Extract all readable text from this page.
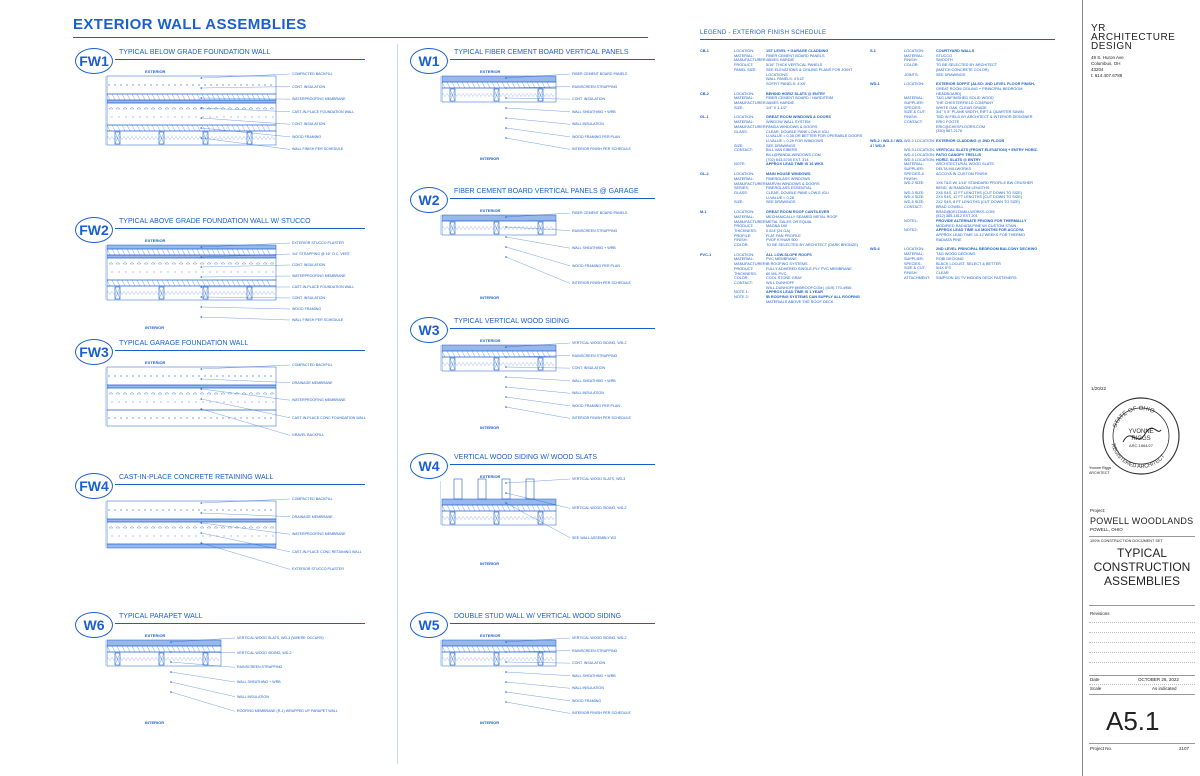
EXTERIOR WALL ASSEMBLIES
FW1
TYPICAL BELOW GRADE FOUNDATION WALL
EXTERIOR	COMPACTED BACKFILL
CONT. INSULATION
WATERPROOFING MEMBRANE
CAST-IN-PLACE FOUNDATION WALL
CONT. INSULATION
WOOD FRAMING
WALL FINISH PER SCHEDULE
FW2
TYPICAL ABOVE GRADE FOUNDATION WALL W/ STUCCO
EXTERIOR
INTERIOR
EXTERIOR STUCCO PLASTER
1/4" STRAPPING @ 16" O.C. VERT.
CONT. INSULATION
WATERPROOFING MEMBRANE
CAST-IN-PLACE FOUNDATION WALL
CONT. INSULATION
WOOD FRAMING
WALL FINISH PER SCHEDULE
FW3
TYPICAL GARAGE FOUNDATION WALL
EXTERIOR	COMPACTED BACKFILL
DRAINAGE MEMBRANE
WATERPROOFING MEMBRANE
CAST-IN-PLACE CONC FOUNDATION WALL
GRAVEL BACKFILL
FW4
CAST-IN-PLACE CONCRETE RETAINING WALL
COMPACTED BACKFILL
DRAINAGE MEMBRANE
WATERPROOFING MEMBRANE
CAST-IN-PLACE CONC RETAINING WALL
EXTERIOR STUCCO PLASTER
W6
TYPICAL PARAPET WALL
EXTERIOR
INTERIOR
VERTICAL WOOD SLATS, WD-3 (WHERE OCCURS)
VERTICAL WOOD SIDING, WD-2
RAINSCREEN STRAPPING
WALL SHEATHING + WRB
WALL INSULATION
ROOFING MEMBRANE (R-1) WRAPPED UP PARAPET WALL
W1
TYPICAL FIBER CEMENT BOARD VERTICAL PANELS
EXTERIOR
INTERIOR
FIBER CEMENT BOARD PANELS
RAINSCREEN STRAPPING
CONT. INSULATION
WALL SHEATHING + WRB
WALL INSULATION
WOOD FRAMING PER PLAN
INTERIOR FINISH PER SCHEDULE
W2
FIBER CEMENT BOARD VERTICAL PANELS @ GARAGE
EXTERIOR
INTERIOR
FIBER CEMENT BOARD PANELS
RAINSCREEN STRAPPING
WALL SHEATHING + WRB
WOOD FRAMING PER PLAN
INTERIOR FINISH PER SCHEDULE
W3
TYPICAL VERTICAL WOOD SIDING
EXTERIOR
INTERIOR
VERTICAL WOOD SIDING, WD-2
RAINSCREEN STRAPPING
CONT. INSULATION
WALL SHEATHING + WRB
WALL INSULATION
WOOD FRAMING PER PLAN
INTERIOR FINISH PER SCHEDULE
W4
VERTICAL WOOD SIDING W/ WOOD SLATS
EXTERIOR
INTERIOR
VERTICAL WOOD SLATS, WD-3
VERTICAL WOOD SIDING, WD-2
SEE WALL ASSEMBLY W3
W5
DOUBLE STUD WALL W/ VERTICAL WOOD SIDING
EXTERIOR
INTERIOR
VERTICAL WOOD SIDING, WD-2
RAINSCREEN STRAPPING
CONT. INSULATION
WALL SHEATHING + WRB
WALL INSULATION
WOOD FRAMING
INTERIOR FINISH PER SCHEDULE
LEGEND - EXTERIOR FINISH SCHEDULE
CB-1	LOCATION:	1ST LEVEL + GARAGE CLADDING
MATERIAL:	FIBER CEMENT BOARD PANELS
MANUFACTURER: JAMES HARDIE
PRODUCT:	5/16" THICK VERTICAL PANELS
PANEL SIZE:	SEE ELEVATIONS & CEILING PLANS FOR JOINT
LOCATIONS
WALL PANELS: 4'X12'
SOFFIT PANELS: 4'X8'
CB-2	LOCATION:	BEHIND HORIZ SLATS @ ENTRY
MATERIAL:	FIBER CEMENT BOARD / HARDITRIM
MANUFACTURER: JAMES HARDIE
SIZE:	1/4" X 1-1/2"
GL-1	LOCATION:	GREAT ROOM WINDOWS & DOORS
MATERIAL:	WINDOW WALL SYSTEM
MANUFACTURER: PANDA WINDOWS & DOORS
GLASS:	CLEAR, DOUBLE PANE LOW-E IGU
U-VALUE = 0.35 OR BETTER FOR OPERABLE DOORS
U-VALUE = 0.29 FOR WINDOWS
SIZE:	SEE DRAWINGS
CONTACT:	BILL VAN EIBERS
BILL@PANDA-WINDOWS.COM
(702) 643-5700 EXT. 314
NOTE:	APPROX LEAD TIME IS 16 WKS
GL-2	LOCATION:	MAIN HOUSE WINDOWS
MATERIAL:	FIBERGLASS WINDOWS
MANUFACTURER: MARVIN WINDOWS & DOORS
SERIES:	FIBERGLASS ESSENTIAL
GLASS:	CLEAR, DOUBLE PANE LOW-E IGU
U-VALUE = 0.28
SIZE:	SEE DRAWINGS
M-1	LOCATION:	GREAT ROOM ROOF CANTILEVER
MATERIAL:	MECHANICALLY SEAMED METAL ROOF
MANUFACTURER: METAL SALES OR EQUAL
PRODUCT:	MAGNA 190
THICKNESS:	0.024"(24 GA)
PROFILE:	FLAT PAN PROFILE
FINISH:	PVDF KYNAR 500
COLOR:	TO BE SELECTED BY ARCHITECT (DARK BRONZE)
PVC-1	LOCATION:	ALL LOW-SLOPE ROOFS
MATERIAL:	PVC MEMBRANE
MANUFACTURER: IB ROOFING SYSTEMS
PRODUCT:	FULLY ADHERED SINGLE-PLY PVC MEMBRANE
THICKNESS:	60 MIL PVC
COLOR:	COOL STONE GRAY
CONTACT:	WILL DUNHOFF
WILL.DUNHOFF@IBROOF.COM | (419) 770-4956
NOTE 1:	APPROX LEAD TIME IS 1 YEAR
NOTE 2:	IB ROOFING SYSTEMS CAN SUPPLY ALL ROOFING
MATERIALS ABOVE THE ROOF DECK
S-1	LOCATION:	COURTYARD WALLS
MATERIAL:	STUCCO
FINISH:	SMOOTH
COLOR:	TO BE SELECTED BY ARCHITECT
(MATCH CONCRETE COLOR)
JOINTS:	SEE DRAWINGS
WD-1	LOCATION:	EXTERIOR SOFFIT (ALSO: 2ND LEVEL FLOOR FINISH,
GREAT ROOM CEILING + PRINCIPAL BEDROOM
HEADBOARD)
MATERIAL:	T&G UNFINISHED SOLID WOOD
SUPPLIER:	THE CHESTERFIELD COMPANY
SPECIES:	WHITE OAK, CLEAR GRADE
SIZE & CUT:	3/4" X 5" PLANK WIDTH, RIFT & QUARTER SAWN
FINISH:	TBD IN FIELD BY ARCHITECT & INTERIOR DESIGNER
CONTACT:	ERIC FOOTE
ERIC@CHESFLOORS.COM
(330) 567-2176
WD-2 / WD-3 / WD-4 / WD-5
WD-2 LOCATION: EXTERIOR CLADDING @ 2ND FLOOR
WD-3 LOCATION: VERTICAL SLATS (FRONT ELEVATION) + ENTRY HORIZ.
WD-4 LOCATION: PATIO CANOPY TRELLIS
WD-5 LOCATION: HORIZ. SLATS @ ENTRY
MATERIAL:	ARCHITECTURAL WOOD SLATS
SUPPLIER:	DELTA MILLWORKS
SPECIES & FINISH:
ACCOYA IN CUSTOM FINISH
WD-2 SIZE:	1X6 T&G W/ 1/16" STANDARD PROFILE BW CRUSHER
BEND, IN RANDOM LENGTHS
WD-3 SIZE:	2X6 S4S, 12 FT LENGTHS (CUT DOWN TO SIZE)
WD-4 SIZE:	2X4 S4S, 12 FT LENGTHS (CUT DOWN TO SIZE)
WD-5 SIZE:	2X2 S4S, 8 FT LENGTHS (CUT DOWN TO SIZE)
CONTACT:	BRAD COWELL
BRAD@DELTAMILLWORKS.COM
(512) 385-1812 EXT 201
NOTE1:	PROVIDE ALTERNATE PRICING FOR THERMALLY
MODIFIED RADIATA PINE W/ CUSTOM STAIN
NOTE2:	APPROX LEAD TIME 4-6 MONTHS FOR ACCOYA
APPROX LEAD TIME 10-12 WEEKS FOR THERMO
RADIATA PINE
WD-6	LOCATION:	2ND LEVEL PRINCIPAL BEDROOM BALCONY DECKING
MATERIAL:	T&G WOOD DECKING
SUPPLIER:	ROBI DECKING
SPECIES:	BLACK LOCUST, SELECT & BETTER
SIZE & CUT:	5/4X 5"S
FINISH:	CLEAR
ATTACHMENT:	SIMPSON DS TV HIDDEN DECK FASTENERS
YR
ARCHITECTURE
DESIGN
49 S. Huron Ave
Columbus, OH
43204
t: 614.407.6789
STATE OF OHIO
REGISTERED ARCHITECT
YVONNE
RIGGS
ARC.1864/27
1/20/22
Yvonne Riggs
ARCHITECT
Project:
POWELL WOODLANDS
POWELL, OHIO
100% CONSTRUCTION DOCUMENT SET
TYPICAL
CONSTRUCTION
ASSEMBLIES
Revisions
Date	OCTOBER 26, 2022
Scale	As indicated
A5.1
Project No.	2107
